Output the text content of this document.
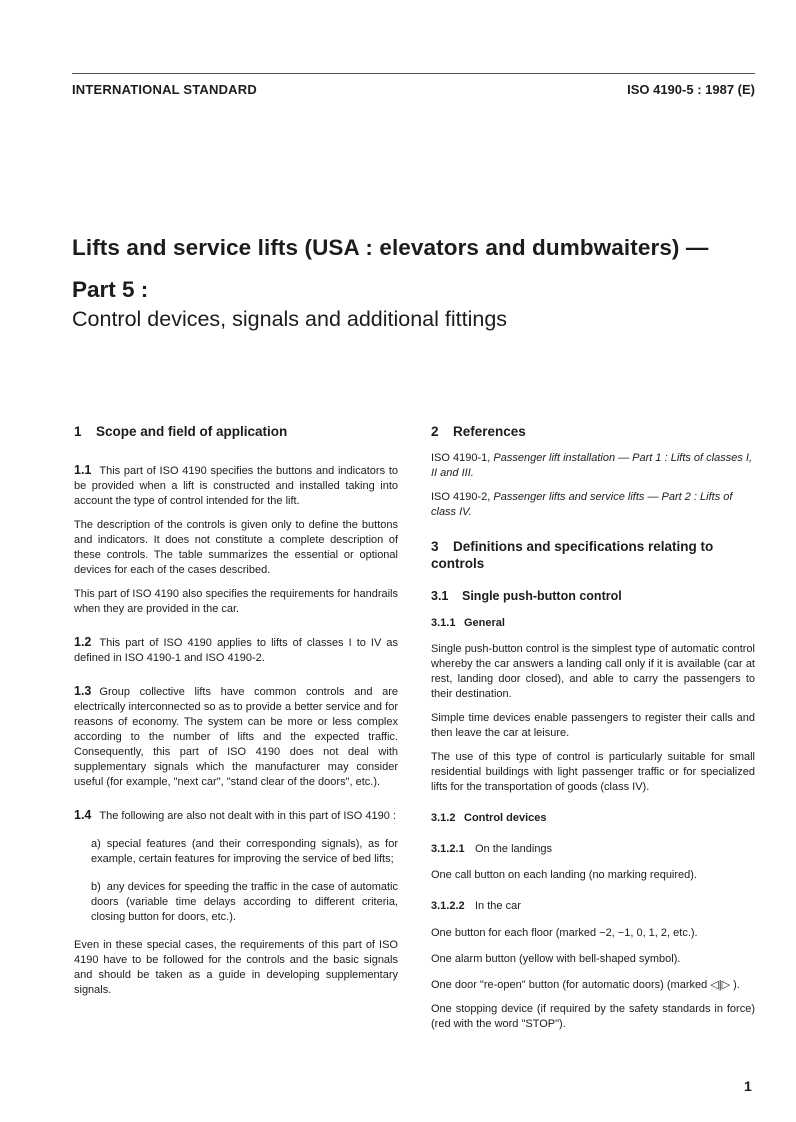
INTERNATIONAL STANDARD	ISO 4190-5 : 1987 (E)
Lifts and service lifts (USA : elevators and dumbwaiters) —
Part 5 :
Control devices, signals and additional fittings
1 Scope and field of application

1.1 This part of ISO 4190 specifies the buttons and indicators to be provided when a lift is constructed and installed taking into account the type of control intended for the lift.

The description of the controls is given only to define the buttons and indicators. It does not constitute a complete description of these controls. The table summarizes the essential or optional devices for each of the cases described.

This part of ISO 4190 also specifies the requirements for handrails when they are provided in the car.

1.2 This part of ISO 4190 applies to lifts of classes I to IV as defined in ISO 4190-1 and ISO 4190-2.

1.3 Group collective lifts have common controls and are electrically interconnected so as to provide a better service and for reasons of economy. The system can be more or less complex according to the number of lifts and the expected traffic. Consequently, this part of ISO 4190 does not deal with supplementary signals which the manufacturer may consider useful (for example, "next car", "stand clear of the doors", etc.).

1.4 The following are also not dealt with in this part of ISO 4190 :

a) special features (and their corresponding signals), as for example, certain features for improving the service of bed lifts;

b) any devices for speeding the traffic in the case of automatic doors (variable time delays according to different criteria, closing button for doors, etc.).

Even in these special cases, the requirements of this part of ISO 4190 have to be followed for the controls and the basic signals and should be taken as a guide in developing supplementary signals.

2 References

ISO 4190-1, Passenger lift installation — Part 1 : Lifts of classes I, II and III.

ISO 4190-2, Passenger lifts and service lifts — Part 2 : Lifts of class IV.

3 Definitions and specifications relating to controls
3.1 Single push-button control
3.1.1 General

Single push-button control is the simplest type of automatic control whereby the car answers a landing call only if it is available (car at rest, landing door closed), and able to carry the passengers to their destination.

Simple time devices enable passengers to register their calls and then leave the car at leisure.

The use of this type of control is particularly suitable for small residential buildings with light passenger traffic or for specialized lifts for the transportation of goods (class IV).

3.1.2 Control devices
3.1.2.1 On the landings

One call button on each landing (no marking required).

3.1.2.2 In the car

One button for each floor (marked −2, −1, 0, 1, 2, etc.).

One alarm button (yellow with bell-shaped symbol).

One door "re-open" button (for automatic doors) (marked ◁|▷ ).

One stopping device (if required by the safety standards in force) (red with the word "STOP").

1
